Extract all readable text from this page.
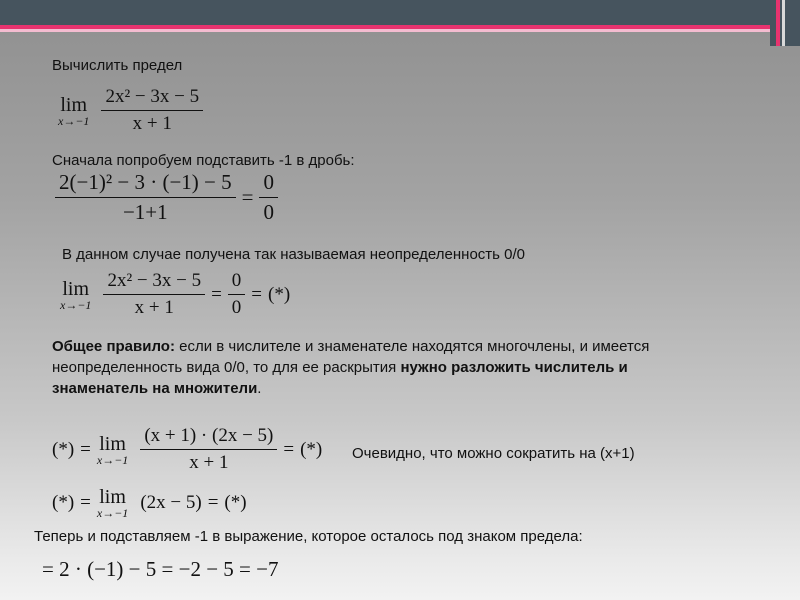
Вычислить предел
lim
$x\to-1 \frac{\text{2x² − 3x − 5}}{x + 1}$
Сначала попробуем подставить -1 в дробь:
$\frac{\text{2(−1)² − 3 · (−1) − 5}}{-1+1} = \frac{0}{0}$
В данном случае получена так называемая неопределенность 0/0
lim
$x\to-1 \frac{\text{2x² − 3x − 5}}{x + 1} = \frac{0}{0}$ = (*)
Общее правило: если в числителе и знаменателе находятся многочлены, и имеется неопределенность вида 0/0, то для ее раскрытия нужно разложить числитель и знаменатель на множители.
(*) = lim
$x\to-1 \frac{(x + 1) \cdot (2x - 5)}{x + 1}$ = (*) Очевидно, что можно сократить на (x+1)
(*) = lim
x→−1 (2x − 5) = (*)
Теперь и подставляем -1 в выражение, которое осталось под знаком предела:
= 2 · (−1) − 5 = −2 − 5 = −7
